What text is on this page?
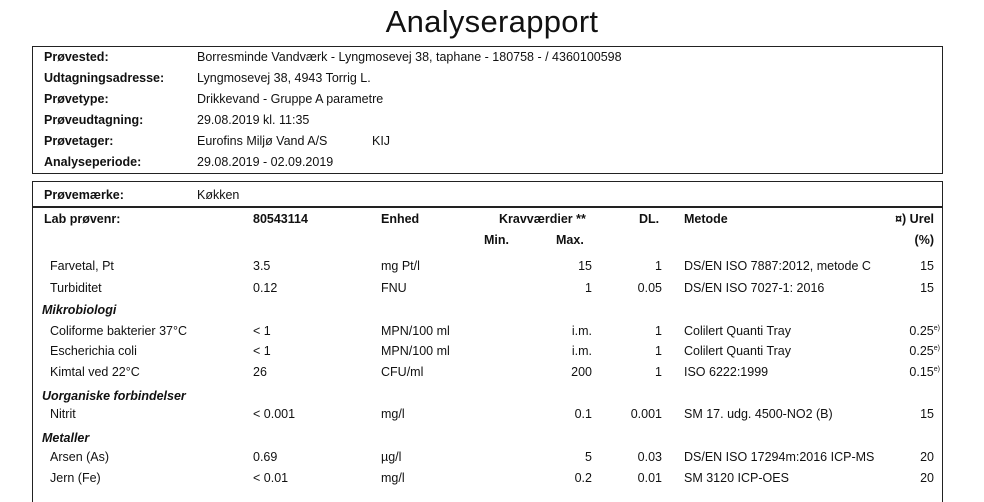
Analyserapport
Prøvested:	Borresminde Vandværk - Lyngmosevej 38, taphane - 180758 - / 4360100598
Udtagningsadresse:	Lyngmosevej 38, 4943 Torrig L.
Prøvetype:	Drikkevand - Gruppe A parametre
Prøveudtagning:	29.08.2019 kl. 11:35
Prøvetager:	Eurofins Miljø Vand A/S	KIJ
Analyseperiode:	29.08.2019 - 02.09.2019
Prøvemærke:	Køkken
Lab prøvenr:	80543114	Enhed	Kravværdier **	DL. Metode	¤) Urel
Min.	Max.	(%)
Farvetal, Pt	3.5	mg Pt/l	15	1 DS/EN ISO 7887:2012, metode C	15
Turbiditet	0.12	FNU	1	0.05 DS/EN ISO 7027-1: 2016	15
Mikrobiologi
Coliforme bakterier 37°C	< 1	MPN/100 ml	i.m.	1 Colilert Quanti Tray	0.25$^{e)}$
Escherichia coli	< 1	MPN/100 ml	i.m.	1 Colilert Quanti Tray	0.25$^{e)}$
Kimtal ved 22°C	26	CFU/ml	200	1 ISO 6222:1999	0.15$^{e)}$
Uorganiske forbindelser
Nitrit	< 0.001	mg/l	0.1	0.001 SM 17. udg. 4500-NO2 (B)	15
Metaller
Arsen (As)	0.69	µg/l	5	0.03 DS/EN ISO 17294m:2016 ICP-MS	20
Jern (Fe)	< 0.01	mg/l	0.2	0.01 SM 3120 ICP-OES	20
